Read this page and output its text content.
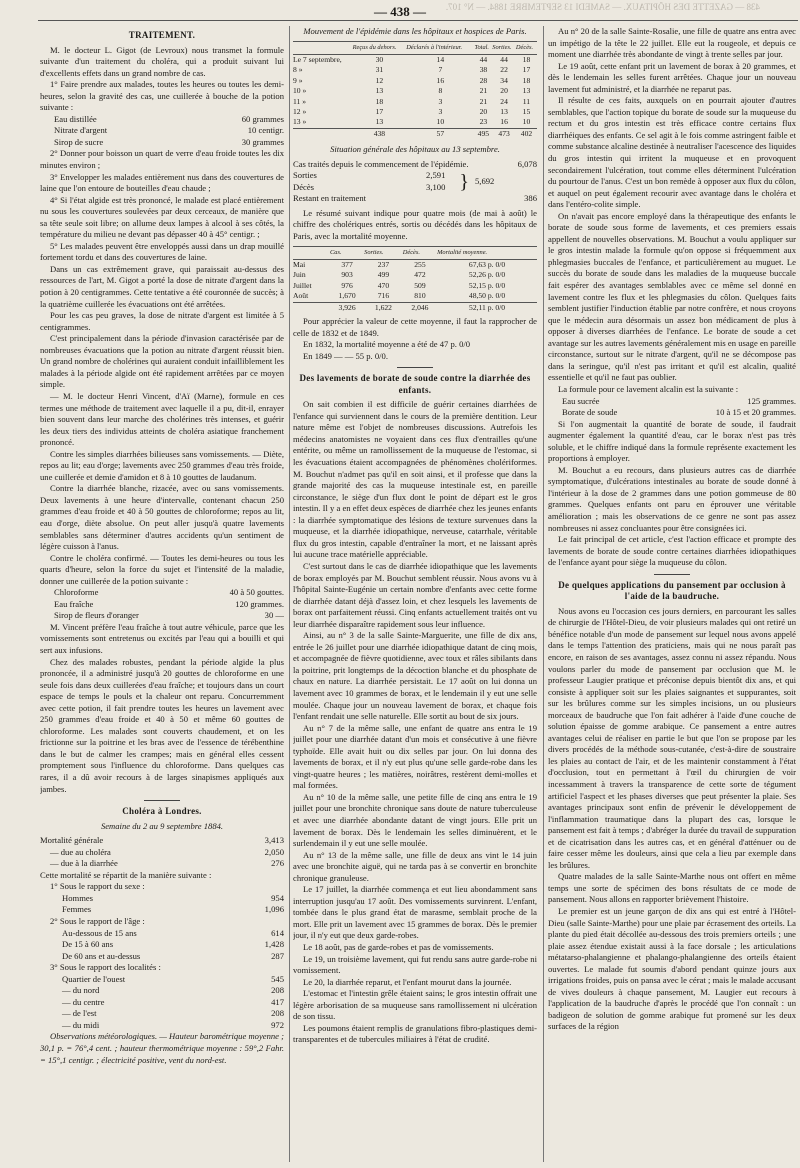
438 — GAZETTE DES HÔPITAUX. — SAMEDI 13 SEPTEMBRE 1884. — N° 107.
— 438 —
TRAITEMENT.

M. le docteur L. Gigot (de Levroux) nous transmet la formule suivante d'un traitement du choléra, qui a produit suivant lui d'excellents effets dans un grand nombre de cas.

1° Faire prendre aux malades, toutes les heures ou toutes les demi-heures, selon la gravité des cas, une cuillerée à bouche de la potion suivante :

Eau distillée	60 grammes
Nitrate d'argent	10 centigr.
Sirop de sucre	30 grammes

2° Donner pour boisson un quart de verre d'eau froide toutes les dix minutes environ ;

3° Envelopper les malades entièrement nus dans des couvertures de laine que l'on entoure de bouteilles d'eau chaude ;

4° Si l'état algide est très prononcé, le malade est placé entièrement nu sous les couvertures soulevées par deux cerceaux, de manière que sa tête seule soit libre; on allume deux lampes à alcool à ses côtés, la température du milieu ne devant pas dépasser 40 à 45° centigr. ;

5° Les malades peuvent être enveloppés aussi dans un drap mouillé fortement tordu et dans des couvertures de laine.

Dans un cas extrêmement grave, qui paraissait au-dessus des ressources de l'art, M. Gigot a porté la dose de nitrate d'argent dans la potion à 20 centigrammes. Cette tentative a été couronnée de succès; à la quatrième cuillerée les évacuations ont été arrêtées.

Pour les cas peu graves, la dose de nitrate d'argent est limitée à 5 centigrammes.

C'est principalement dans la période d'invasion caractérisée par de nombreuses évacuations que la potion au nitrate d'argent réussit bien. Un grand nombre de cholérines qui auraient conduit infailliblement les malades à la période algide ont été rapidement arrêtées par ce moyen simple.

— M. le docteur Henri Vincent, d'Aï (Marne), formule en ces termes une méthode de traitement avec laquelle il a pu, dit-il, enrayer bien souvent dans leur marche des cholérines très intenses, et guérir les deux tiers des individus atteints de choléra asiatique franchement prononcé.

Contre les simples diarrhées bilieuses sans vomissements. — Diète, repos au lit; eau d'orge; lavements avec 250 grammes d'eau très froide, une cuillerée et demie d'amidon et 8 à 10 gouttes de laudanum.

Contre la diarrhée blanche, rizacée, avec ou sans vomissements. Deux lavements à une heure d'intervalle, contenant chacun 250 grammes d'eau froide et 40 à 50 gouttes de chloroforme; repos au lit, eau d'orge, diète absolue. On peut aller jusqu'à quatre lavements semblables sans déterminer d'autres accidents qu'un sentiment de légère cuisson à l'anus.

Contre le choléra confirmé. — Toutes les demi-heures ou tous les quarts d'heure, selon la force du sujet et l'intensité de la maladie, donner une cuillerée de la potion suivante :

Chloroforme	40 à 50 gouttes.
Eau fraîche	120 grammes.
Sirop de fleurs d'oranger	30 —

M. Vincent préfère l'eau fraîche à tout autre véhicule, parce que les vomissements sont entretenus ou excités par l'eau qui a bouilli et qui sert aux infusions.

Chez des malades robustes, pendant la période algide la plus prononcée, il a administré jusqu'à 20 gouttes de chloroforme en une seule fois dans deux cuillerées d'eau fraîche; et toujours dans un court espace de temps le pouls et la chaleur ont reparu. Concurremment avec cette potion, il fait prendre toutes les heures un lavement avec 250 grammes d'eau froide et 40 à 50 et même 60 gouttes de chloroforme. Les malades sont couverts chaudement, et on les frictionne sur la poitrine et les bras avec de l'essence de térébenthine dans le but de calmer les crampes; mais en général elles cessent promptement sous l'influence du chloroforme. Dans quelques cas rares, il a dû avoir recours à de larges sinapismes appliqués aux jambes.

Choléra à Londres.
Semaine du 2 au 9 septembre 1884.
Mortalité générale	3,413
— due au choléra	2,050
— due à la diarrhée	276
Cette mortalité se répartit de la manière suivante :
1° Sous le rapport du sexe :
Hommes	954
Femmes	1,096
2° Sous le rapport de l'âge :
Au-dessous de 15 ans	614
De 15 à 60 ans	1,428
De 60 ans et au-dessus	287
3° Sous le rapport des localités :
Quartier de l'ouest	545
— du nord	208
— du centre	417
— de l'est	208
— du midi	972

Observations météorologiques. — Hauteur barométrique moyenne ; 30,1 p. = 76°,4 cent. ; hauteur thermométrique moyenne : 59°,2 Fahr. = 15°,1 centigr. ; électricité positive, vent du nord-est.

Mouvement de l'épidémie dans les hôpitaux et hospices de Paris.
	Reçus du dehors.	Déclarés à l'intérieur.	Total.	Sorties.	Décès.
Le 7 septembre,	30	14	44	44	18
8 »	31	7	38	22	17
9 »	12	16	28	34	18
10 »	13	8	21	20	13
11 »	18	3	21	24	11
12 »	17	3	20	13	15
13 »	13	10	23	16	10
	438	57	495	473	402
Situation générale des hôpitaux au 13 septembre.
Cas traités depuis le commencement de l'épidémie.	6,078
Sorties	2,591
Décès	3,100 } 5,692
Restant en traitement	386

Le résumé suivant indique pour quatre mois (de mai à août) le chiffre des cholériques entrés, sortis ou décédés dans les hôpitaux de Paris, avec la mortalité moyenne.

	Cas.	Sorties.	Décès.	Mortalité moyenne.
Mai	377	237	255	67,63 p. 0/0
Juin	903	499	472	52,26 p. 0/0
Juillet	976	470	509	52,15 p. 0/0
Août	1,670	716	810	48,50 p. 0/0
	3,926	1,622	2,046	52,11 p. 0/0

Pour apprécier la valeur de cette moyenne, il faut la rapprocher de celle de 1832 et de 1849.

En 1832, la mortalité moyenne a été de 47 p. 0/0

En 1849 — — 55 p. 0/0.

Des lavements de borate de soude contre la diarrhée des enfants.

On sait combien il est difficile de guérir certaines diarrhées de l'enfance qui surviennent dans le cours de la première dentition. Leur nature même est l'objet de nombreuses discussions. Autrefois les médecins anatomistes ne voyaient dans ces flux d'entrailles qu'une entérite, ou même un ramollissement de la muqueuse de l'estomac, si les évacuations étaient accompagnées de phénomènes cholériformes. M. Bouchut n'admet pas qu'il en soit ainsi, et il professe que dans la grande majorité des cas la muqueuse intestinale est, en pareille circonstance, le siège d'un flux dont le point de départ est le gros intestin. Il y a en effet deux espèces de diarrhée chez les jeunes enfants : la diarrhée symptomatique des lésions de texture survenues dans la muqueuse, et la diarrhée idiopathique, nerveuse, catarrhale, véritable flux du gros intestin, capable d'entraîner la mort, et ne laissant après lui aucune trace matérielle appréciable.

C'est surtout dans le cas de diarrhée idiopathique que les lavements de borax employés par M. Bouchut semblent réussir. Nous avons vu à l'hôpital Sainte-Eugénie un certain nombre d'enfants avec cette forme de diarrhée datant déjà d'assez loin, et chez lesquels les lavements de borax ont parfaitement réussi. Cinq enfants actuellement traités ont vu leur diarrhée disparaître rapidement sous leur influence.

Ainsi, au n° 3 de la salle Sainte-Marguerite, une fille de dix ans, entrée le 26 juillet pour une diarrhée idiopathique datant de cinq mois, et accompagnée de fièvre quotidienne, avec toux et râles sibilants dans la poitrine, prit longtemps de la décoction blanche et du phosphate de chaux en nature. La diarrhée persistait. Le 17 août on lui donna un lavement avec 10 grammes de borax, et le lendemain il y eut une selle moulée. Chaque jour un nouveau lavement de borax, et chaque fois l'enfant rendait une selle naturelle. Elle sortit au bout de six jours.

Au n° 7 de la même salle, une enfant de quatre ans entra le 19 juillet pour une diarrhée datant d'un mois et consécutive à une fièvre typhoïde. Elle avait huit ou dix selles par jour. On lui donna des lavements de borax, et il n'y eut plus qu'une selle garde-robe dans les vingt-quatre heures ; les matières, noirâtres, restèrent demi-molles et mal formées.

Au n° 10 de la même salle, une petite fille de cinq ans entra le 19 juillet pour une bronchite chronique sans doute de nature tuberculeuse et avec une diarrhée abondante datant de vingt jours. Elle prit un lavement de borax. Dès le lendemain les selles diminuèrent, et le surlendemain il y eut une selle moulée.

Au n° 13 de la même salle, une fille de deux ans vint le 14 juin avec une bronchite aiguë, qui ne tarda pas à se convertir en bronchite chronique granuleuse.

Le 17 juillet, la diarrhée commença et eut lieu abondamment sans interruption jusqu'au 17 août. Des vomissements survinrent. L'enfant, tombée dans le plus grand état de marasme, semblait proche de la mort. Elle prit un lavement avec 15 grammes de borax. Dès le premier jour, il n'y eut que deux garde-robes.

Le 18 août, pas de garde-robes et pas de vomissements.

Le 19, un troisième lavement, qui fut rendu sans autre garde-robe ni vomissement.

Le 20, la diarrhée reparut, et l'enfant mourut dans la journée.

L'estomac et l'intestin grêle étaient sains; le gros intestin offrait une légère arborisation de sa muqueuse sans ramollissement ni ulcération de son tissu.

Les poumons étaient remplis de granulations fibro-plastiques demi-transparentes et de tubercules miliaires à l'état de crudité.

Au n° 20 de la salle Sainte-Rosalie, une fille de quatre ans entra avec un impétigo de la tête le 22 juillet. Elle eut la rougeole, et depuis ce moment une diarrhée très abondante de vingt à trente selles par jour.

Le 19 août, cette enfant prit un lavement de borax à 20 grammes, et dès le lendemain les selles furent arrêtées. Chaque jour un nouveau lavement fut administré, et la diarrhée ne reparut pas.

Il résulte de ces faits, auxquels on en pourrait ajouter d'autres semblables, que l'action topique du borate de soude sur la muqueuse du rectum et du gros intestin est très efficace contre certains flux diarrhéiques des enfants. Ce sel agit à le fois comme astringent faible et comme substance alcaline destinée à neutraliser l'acescence des liquides du gros intestin qui irritent la muqueuse et en provoquent secondairement l'ulcération, tout comme elles déterminent l'ulcération du pourtour de l'anus. C'est un bon remède à opposer aux flux du côlon, et auquel on peut également recourir avec avantage dans le choléra et dans l'entéro-colite simple.

On n'avait pas encore employé dans la thérapeutique des enfants le borate de soude sous forme de lavements, et ces premiers essais appellent de nouvelles observations. M. Bouchut a voulu appliquer sur le gros intestin malade la formule qu'on oppose si fréquemment aux phlegmasies buccales de l'enfance, et particulièrement au muguet. Le succès du borate de soude dans les maladies de la muqueuse buccale fait espérer des avantages semblables avec ce même sel donné en lavement contre les flux et les phlegmasies du côlon. Quelques faits semblent justifier l'induction établie par notre confrère, et nous croyons que le médecin aura désormais un assez bon médicament de plus à opposer à diverses diarrhées de l'enfance. Le borate de soude a cet avantage sur les autres lavements généralement mis en usage en pareille circonstance, surtout sur le nitrate d'argent, qu'il ne se décompose pas dans la seringue, qu'il n'est pas irritant et qu'il est alcalin, qualité essentielle et qu'il ne faut pas oublier.

La formule pour ce lavement alcalin est la suivante :

Eau sucrée	125 grammes.
Borate de soude	10 à 15 et 20 grammes.

Si l'on augmentait la quantité de borate de soude, il faudrait augmenter également la quantité d'eau, car le borax n'est pas très soluble, et le chiffre indiqué dans la formule représente exactement les proportions à employer.

M. Bouchut a eu recours, dans plusieurs autres cas de diarrhée symptomatique, d'ulcérations intestinales au borate de soude donné à l'intérieur à la dose de 2 grammes dans une potion gommeuse de 80 grammes. Quelques enfants ont paru en éprouver une véritable amélioration ; mais les observations de ce genre ne sont pas assez nombreuses ni assez concluantes pour être consignées ici.

Le fait principal de cet article, c'est l'action efficace et prompte des lavements de borate de soude contre certaines diarrhées idiopathiques de l'enfance ayant pour siège la muqueuse du côlon.

De quelques applications du pansement par occlusion à l'aide de la baudruche.

Nous avons eu l'occasion ces jours derniers, en parcourant les salles de chirurgie de l'Hôtel-Dieu, de voir plusieurs malades qui ont retiré un bénéfice notable d'un mode de pansement sur lequel nous avons appelé dans le temps l'attention des praticiens, mais qui ne nous paraît pas encore, en raison de ses avantages, assez connu ni assez répandu. Nous voulons parler du mode de pansement par occlusion que M. le professeur Laugier pratique et préconise depuis bientôt dix ans, et qui consiste à appliquer soit sur les plaies saignantes et suppurantes, soit sur les brûlures comme sur les simples incisions, un ou plusieurs morceaux de baudruche que l'on fait adhérer à l'aide d'une couche de solution épaisse de gomme arabique. Ce pansement a entre autres avantages celui de réaliser en partie le but que l'on se propose par les divers procédés de la méthode sous-cutanée, c'est-à-dire de soustraire les plaies au contact de l'air, et de les maintenir constamment à l'état d'occlusion, tout en permettant à l'œil du chirurgien de voir incessamment à travers la transparence de cette sorte de tégument artificiel l'aspect et les phases diverses que peut présenter la plaie. Ses avantages principaux sont enfin de prévenir le développement de l'inflammation traumatique dans la plupart des cas, lorsque le pansement est fait à temps ; d'abréger la durée du travail de suppuration et de cicatrisation dans les autres cas, et en général d'atténuer ou de faire cesser même les douleurs, ainsi que cela a lieu par exemple dans les brûlures.

Quatre malades de la salle Sainte-Marthe nous ont offert en même temps une sorte de spécimen des bons résultats de ce mode de pansement. Nous allons en rapporter brièvement l'histoire.

Le premier est un jeune garçon de dix ans qui est entré à l'Hôtel-Dieu (salle Sainte-Marthe) pour une plaie par écrasement des orteils. La plante du pied était décollée au-dessous des trois premiers orteils ; une plaie assez étendue existait aussi à la face dorsale ; les articulations métatarso-phalangienne et phalango-phalangienne des orteils étaient ouvertes. Le malade fut soumis d'abord pendant quinze jours aux irrigations froides, puis on pansa avec le cérat ; mais le malade accusant de vives douleurs à chaque pansement, M. Laugier eut recours à l'application de la baudruche d'après le procédé que l'on connaît : un badigeon de solution de gomme arabique fut promené sur les deux surfaces de la région
